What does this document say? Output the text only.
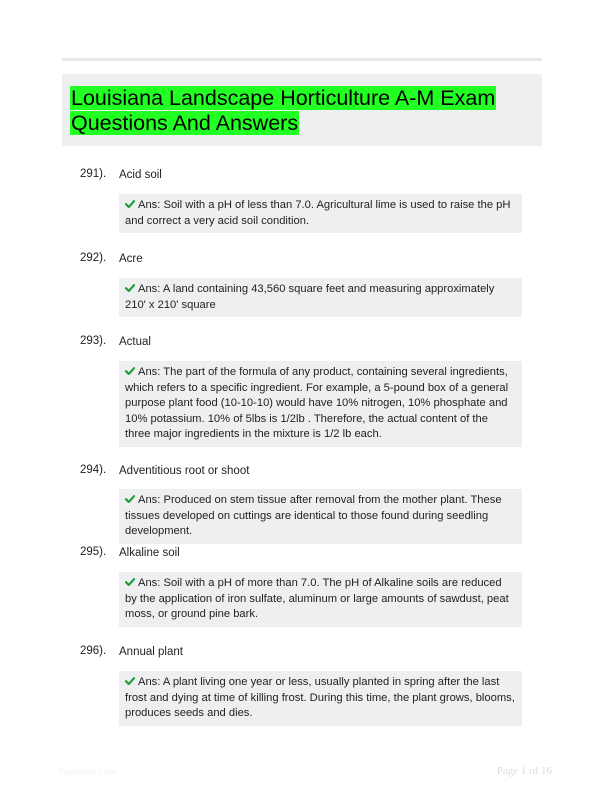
Louisiana Landscape Horticulture A-M Exam
Questions And Answers
291). Acid soil
Ans: Soil with a pH of less than 7.0. Agricultural lime is used to raise the pH and correct a very acid soil condition.
292). Acre
Ans: A land containing 43,560 square feet and measuring approximately 210' x 210' square
293). Actual
Ans: The part of the formula of any product, containing several ingredients, which refers to a specific ingredient. For example, a 5-pound box of a general purpose plant food (10-10-10) would have 10% nitrogen, 10% phosphate and 10% potassium. 10% of 5lbs is 1/2lb . Therefore, the actual content of the three major ingredients in the mixture is 1/2 lb each.
294). Adventitious root or shoot
Ans: Produced on stem tissue after removal from the mother plant. These tissues developed on cuttings are identical to those found during seedling development.
295). Alkaline soil
Ans: Soil with a pH of more than 7.0. The pH of Alkaline soils are reduced by the application of iron sulfate, aluminum or large amounts of sawdust, peat moss, or ground pine bark.
296). Annual plant
Ans: A plant living one year or less, usually planted in spring after the last frost and dying at time of killing frost. During this time, the plant grows, blooms, produces seeds and dies.
Paperbite.com	Page 1 of 16
